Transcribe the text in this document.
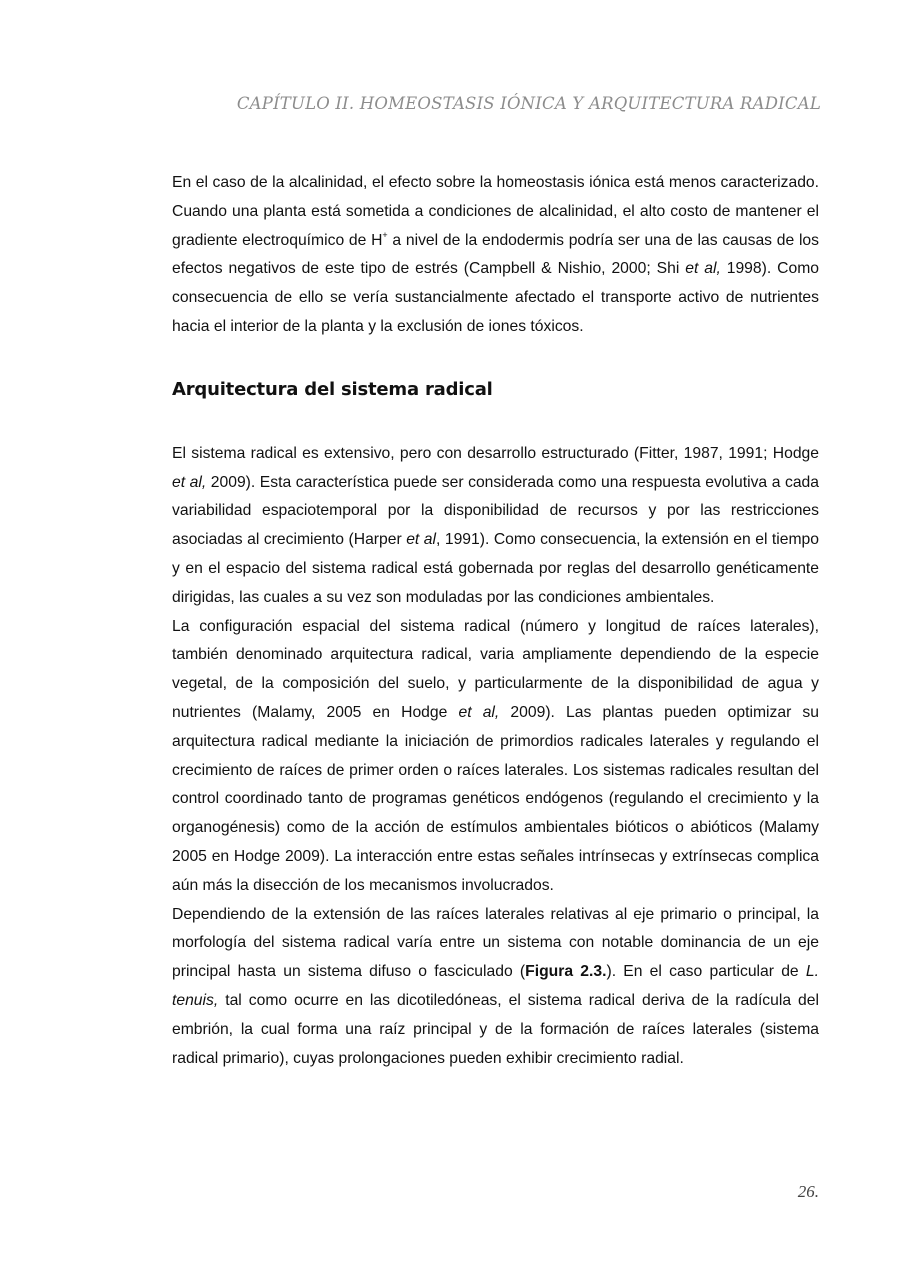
CAPÍTULO II. HOMEOSTASIS IÓNICA Y ARQUITECTURA RADICAL

En el caso de la alcalinidad, el efecto sobre la homeostasis iónica está menos caracterizado. Cuando una planta está sometida a condiciones de alcalinidad, el alto costo de mantener el gradiente electroquímico de H+ a nivel de la endodermis podría ser una de las causas de los efectos negativos de este tipo de estrés (Campbell & Nishio, 2000; Shi et al, 1998). Como consecuencia de ello se vería sustancialmente afectado el transporte activo de nutrientes hacia el interior de la planta y la exclusión de iones tóxicos.

Arquitectura del sistema radical

El sistema radical es extensivo, pero con desarrollo estructurado (Fitter, 1987, 1991; Hodge et al, 2009). Esta característica puede ser considerada como una respuesta evolutiva a cada variabilidad espaciotemporal por la disponibilidad de recursos y por las restricciones asociadas al crecimiento (Harper et al, 1991). Como consecuencia, la extensión en el tiempo y en el espacio del sistema radical está gobernada por reglas del desarrollo genéticamente dirigidas, las cuales a su vez son moduladas por las condiciones ambientales.

La configuración espacial del sistema radical (número y longitud de raíces laterales), también denominado arquitectura radical, varia ampliamente dependiendo de la especie vegetal, de la composición del suelo, y particularmente de la disponibilidad de agua y nutrientes (Malamy, 2005 en Hodge et al, 2009). Las plantas pueden optimizar su arquitectura radical mediante la iniciación de primordios radicales laterales y regulando el crecimiento de raíces de primer orden o raíces laterales. Los sistemas radicales resultan del control coordinado tanto de programas genéticos endógenos (regulando el crecimiento y la organogénesis) como de la acción de estímulos ambientales bióticos o abióticos (Malamy 2005 en Hodge 2009). La interacción entre estas señales intrínsecas y extrínsecas complica aún más la disección de los mecanismos involucrados.

Dependiendo de la extensión de las raíces laterales relativas al eje primario o principal, la morfología del sistema radical varía entre un sistema con notable dominancia de un eje principal hasta un sistema difuso o fasciculado (Figura 2.3.). En el caso particular de L. tenuis, tal como ocurre en las dicotiledóneas, el sistema radical deriva de la radícula del embrión, la cual forma una raíz principal y de la formación de raíces laterales (sistema radical primario), cuyas prolongaciones pueden exhibir crecimiento radial.

26.
